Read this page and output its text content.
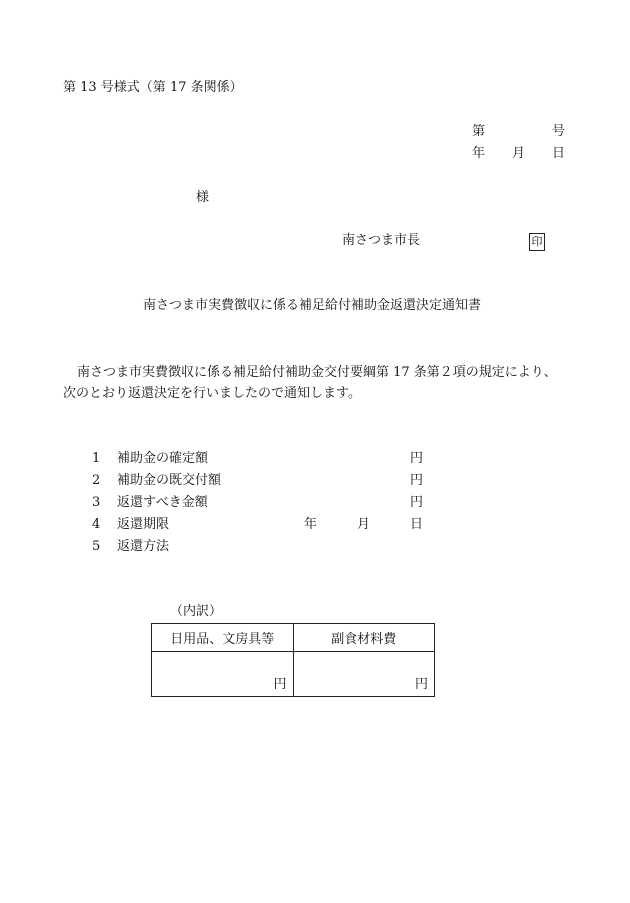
第 13 号様式（第 17 条関係）
第	号
年 月 日
様
南さつま市長	印
南さつま市実費徴収に係る補足給付補助金返還決定通知書
南さつま市実費徴収に係る補足給付補助金交付要綱第 17 条第２項の規定により、
次のとおり返還決定を行いましたので通知します。
1 補助金の確定額	円
2 補助金の既交付額	円
3 返還すべき金額	円
4 返還期限	年	月	日
5 返還方法
（内訳）
日用品、文房具等	副食材料費
円	円
